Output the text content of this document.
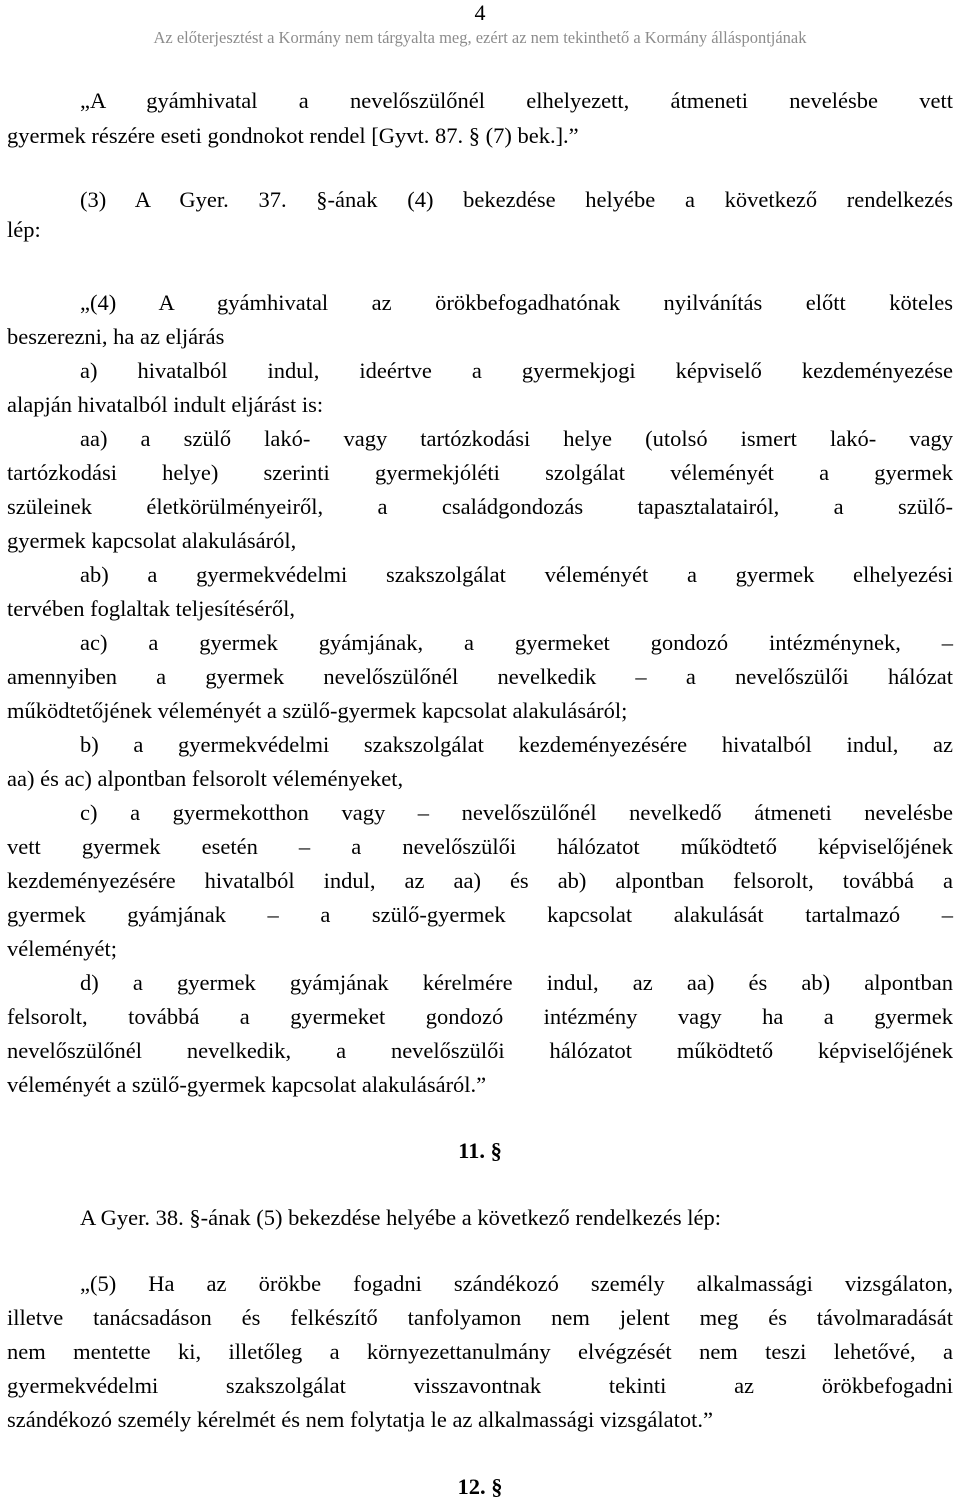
4
Az előterjesztést a Kormány nem tárgyalta meg, ezért az nem tekinthető a Kormány álláspontjának
„A gyámhivatal a nevelőszülőnél elhelyezett, átmeneti nevelésbe vett
gyermek részére eseti gondnokot rendel [Gyvt. 87. § (7) bek.].”
(3) A Gyer. 37. §-ának (4) bekezdése helyébe a következő rendelkezés
lép:
„(4) A gyámhivatal az örökbefogadhatónak nyilvánítás előtt köteles
beszerezni, ha az eljárás
a) hivatalból indul, ideértve a gyermekjogi képviselő kezdeményezése
alapján hivatalból indult eljárást is:
aa) a szülő lakó- vagy tartózkodási helye (utolsó ismert lakó- vagy
tartózkodási helye) szerinti gyermekjóléti szolgálat véleményét a gyermek
szüleinek életkörülményeiről, a családgondozás tapasztalatairól, a szülő-
gyermek kapcsolat alakulásáról,
ab) a gyermekvédelmi szakszolgálat véleményét a gyermek elhelyezési
tervében foglaltak teljesítéséről,
ac) a gyermek gyámjának, a gyermeket gondozó intézménynek, –
amennyiben a gyermek nevelőszülőnél nevelkedik – a nevelőszülői hálózat
működtetőjének véleményét a szülő-gyermek kapcsolat alakulásáról;
b) a gyermekvédelmi szakszolgálat kezdeményezésére hivatalból indul, az
aa) és ac) alpontban felsorolt véleményeket,
c) a gyermekotthon vagy – nevelőszülőnél nevelkedő átmeneti nevelésbe
vett gyermek esetén – a nevelőszülői hálózatot működtető képviselőjének
kezdeményezésére hivatalból indul, az aa) és ab) alpontban felsorolt, továbbá a
gyermek gyámjának – a szülő-gyermek kapcsolat alakulását tartalmazó –
véleményét;
d) a gyermek gyámjának kérelmére indul, az aa) és ab) alpontban
felsorolt, továbbá a gyermeket gondozó intézmény vagy ha a gyermek
nevelőszülőnél nevelkedik, a nevelőszülői hálózatot működtető képviselőjének
véleményét a szülő-gyermek kapcsolat alakulásáról.”
11. §
A Gyer. 38. §-ának (5) bekezdése helyébe a következő rendelkezés lép:
„(5) Ha az örökbe fogadni szándékozó személy alkalmassági vizsgálaton,
illetve tanácsadáson és felkészítő tanfolyamon nem jelent meg és távolmaradását
nem mentette ki, illetőleg a környezettanulmány elvégzését nem teszi lehetővé, a
gyermekvédelmi szakszolgálat visszavontnak tekinti az örökbefogadni
szándékozó személy kérelmét és nem folytatja le az alkalmassági vizsgálatot.”
12. §
